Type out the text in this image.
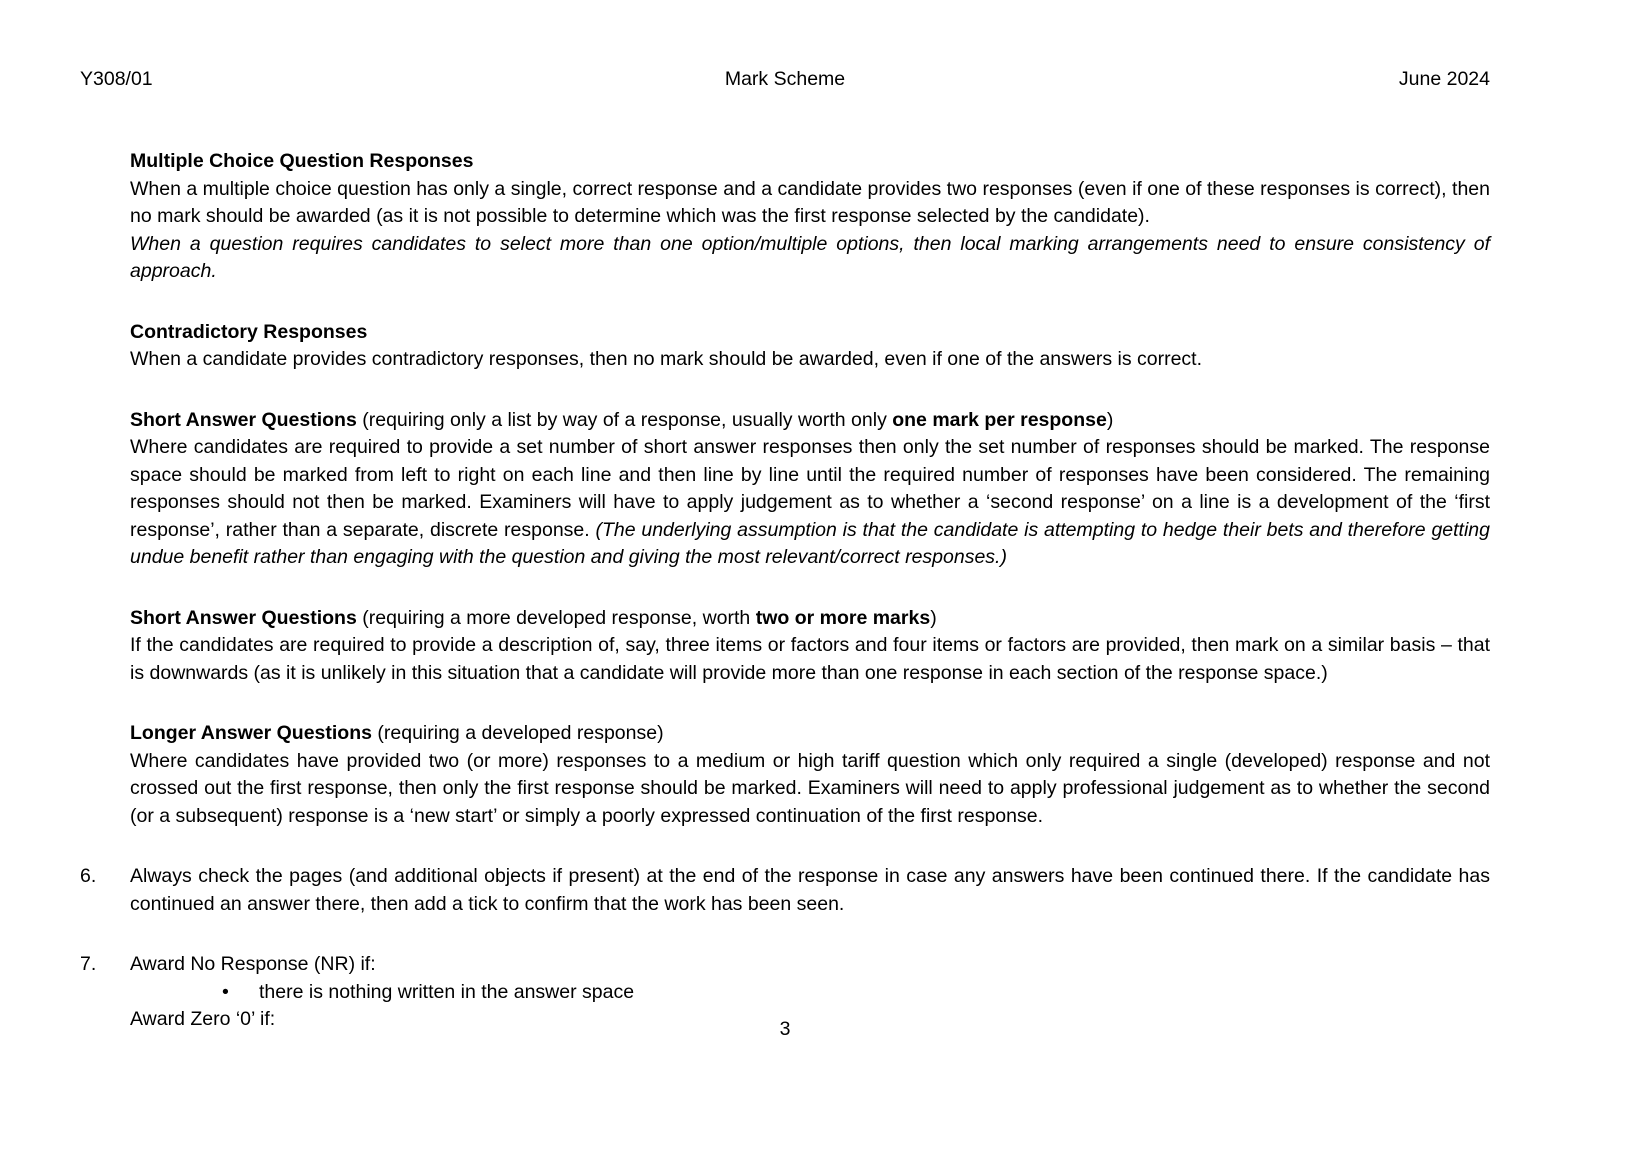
Y308/01	Mark Scheme	June 2024

Multiple Choice Question Responses

When a multiple choice question has only a single, correct response and a candidate provides two responses (even if one of these responses is correct), then no mark should be awarded (as it is not possible to determine which was the first response selected by the candidate).

When a question requires candidates to select more than one option/multiple options, then local marking arrangements need to ensure consistency of approach.

Contradictory Responses

When a candidate provides contradictory responses, then no mark should be awarded, even if one of the answers is correct.

Short Answer Questions (requiring only a list by way of a response, usually worth only one mark per response)

Where candidates are required to provide a set number of short answer responses then only the set number of responses should be marked. The response space should be marked from left to right on each line and then line by line until the required number of responses have been considered. The remaining responses should not then be marked. Examiners will have to apply judgement as to whether a ‘second response’ on a line is a development of the ‘first response’, rather than a separate, discrete response. (The underlying assumption is that the candidate is attempting to hedge their bets and therefore getting undue benefit rather than engaging with the question and giving the most relevant/correct responses.)

Short Answer Questions (requiring a more developed response, worth two or more marks)

If the candidates are required to provide a description of, say, three items or factors and four items or factors are provided, then mark on a similar basis – that is downwards (as it is unlikely in this situation that a candidate will provide more than one response in each section of the response space.)

Longer Answer Questions (requiring a developed response)

Where candidates have provided two (or more) responses to a medium or high tariff question which only required a single (developed) response and not crossed out the first response, then only the first response should be marked. Examiners will need to apply professional judgement as to whether the second (or a subsequent) response is a ‘new start’ or simply a poorly expressed continuation of the first response.

6.	Always check the pages (and additional objects if present) at the end of the response in case any answers have been continued there. If the candidate has continued an answer there, then add a tick to confirm that the work has been seen.

7.	Award No Response (NR) if:

•	there is nothing written in the answer space

Award Zero ‘0’ if:	3
